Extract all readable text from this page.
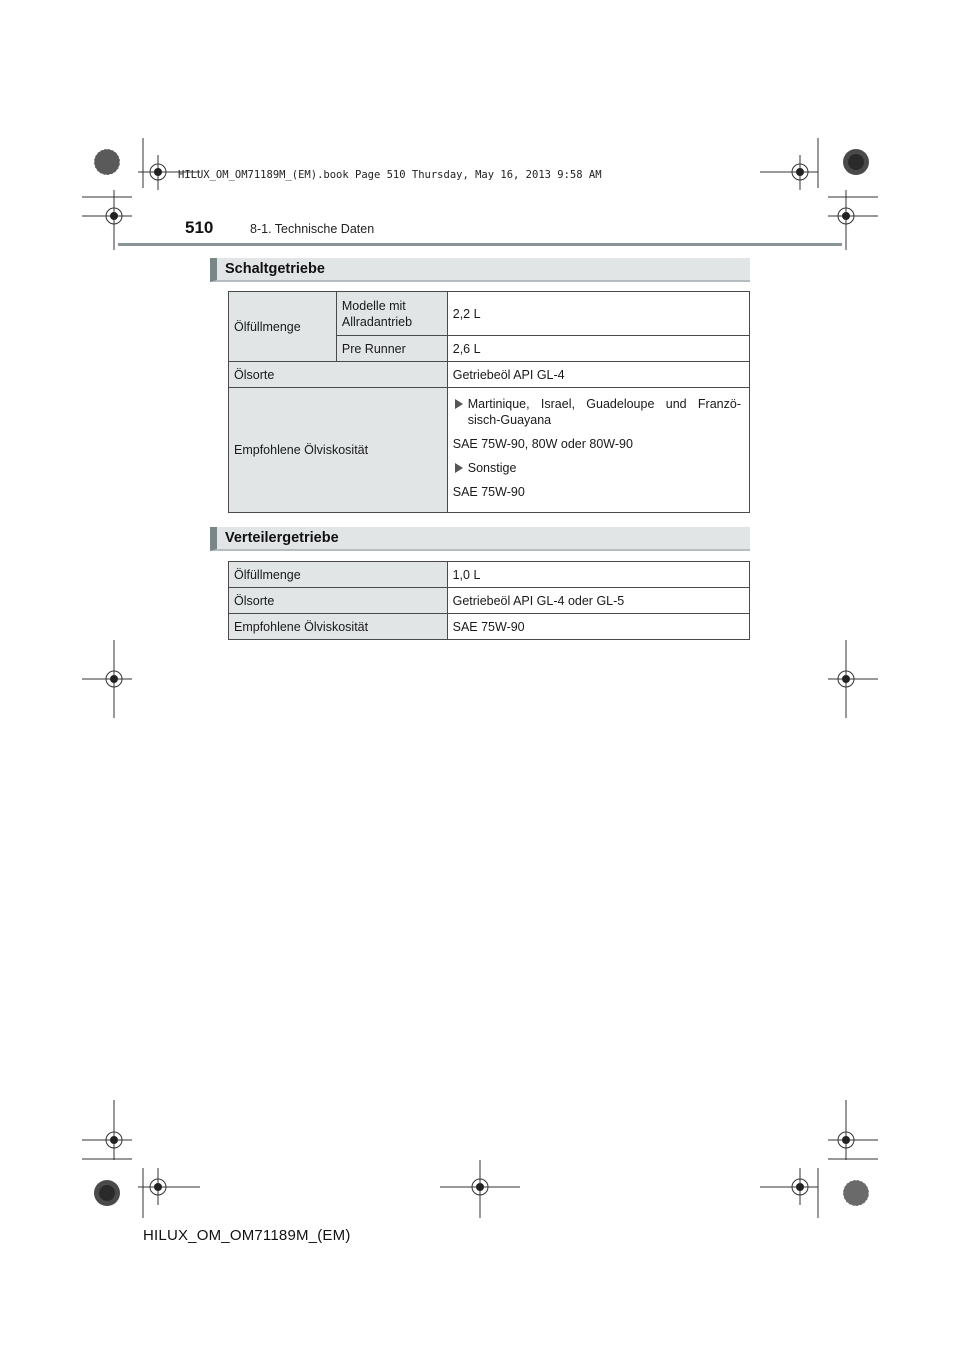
HILUX_OM_OM71189M_(EM).book Page 510 Thursday, May 16, 2013 9:58 AM
510	8-1. Technische Daten
Schaltgetriebe
Ölfüllmenge	Modelle mit Allradantrieb	2,2 L
	Pre Runner	2,6 L
Ölsorte		Getriebeöl API GL-4
Empfohlene Ölviskosität		Martinique, Israel, Guadeloupe und Franzö-sisch-Guayana
SAE 75W-90, 80W oder 80W-90
Sonstige
SAE 75W-90
Verteilergetriebe
Ölfüllmenge	1,0 L
Ölsorte	Getriebeöl API GL-4 oder GL-5
Empfohlene Ölviskosität	SAE 75W-90
HILUX_OM_OM71189M_(EM)
